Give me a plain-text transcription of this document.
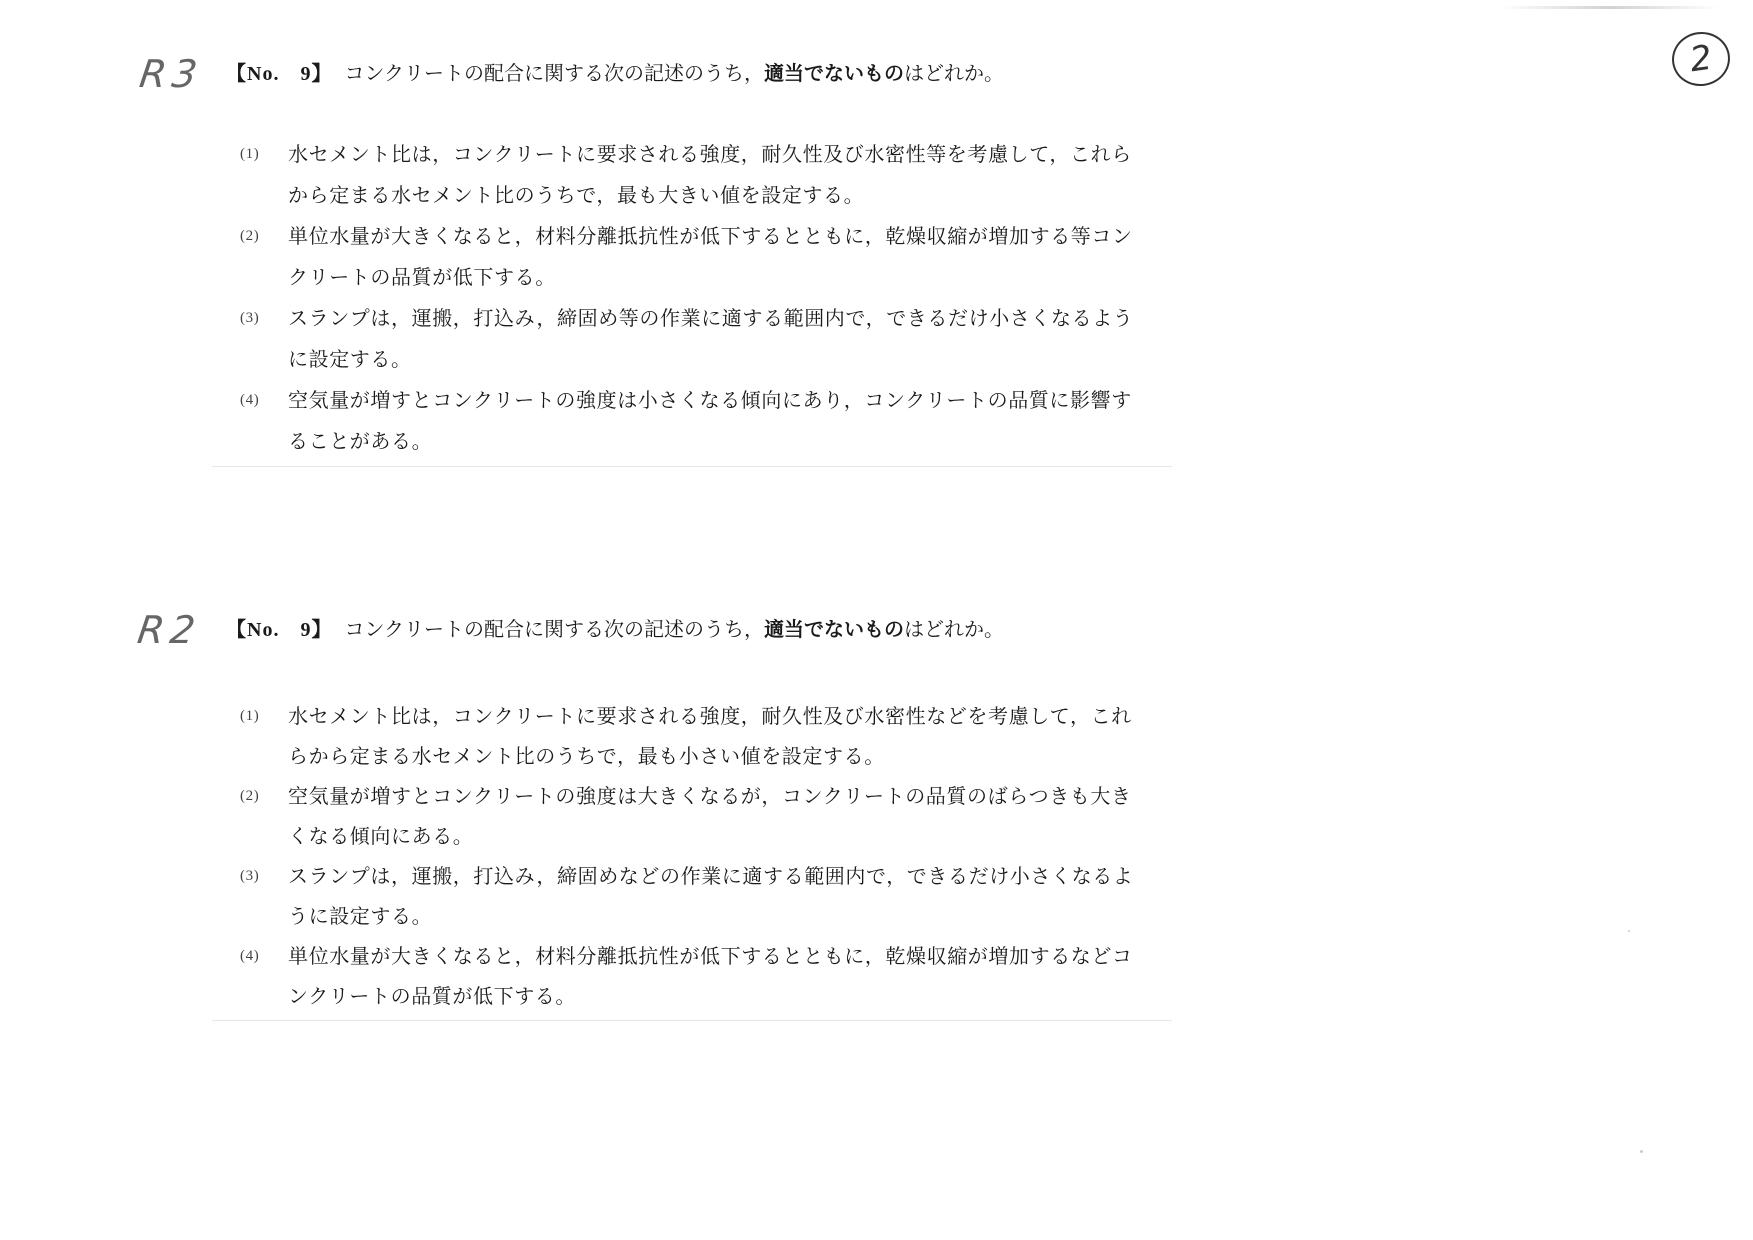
2
R3
R2
【No.　9】 コンクリートの配合に関する次の記述のうち，適当でないものはどれか。
(1) 水セメント比は，コンクリートに要求される強度，耐久性及び水密性等を考慮して，これらから定まる水セメント比のうちで，最も大きい値を設定する。
(2) 単位水量が大きくなると，材料分離抵抗性が低下するとともに，乾燥収縮が増加する等コンクリートの品質が低下する。
(3) スランプは，運搬，打込み，締固め等の作業に適する範囲内で，できるだけ小さくなるように設定する。
(4) 空気量が増すとコンクリートの強度は小さくなる傾向にあり，コンクリートの品質に影響することがある。
【No.　9】 コンクリートの配合に関する次の記述のうち，適当でないものはどれか。
(1) 水セメント比は，コンクリートに要求される強度，耐久性及び水密性などを考慮して，これらから定まる水セメント比のうちで，最も小さい値を設定する。
(2) 空気量が増すとコンクリートの強度は大きくなるが，コンクリートの品質のばらつきも大きくなる傾向にある。
(3) スランプは，運搬，打込み，締固めなどの作業に適する範囲内で，できるだけ小さくなるように設定する。
(4) 単位水量が大きくなると，材料分離抵抗性が低下するとともに，乾燥収縮が増加するなどコンクリートの品質が低下する。
